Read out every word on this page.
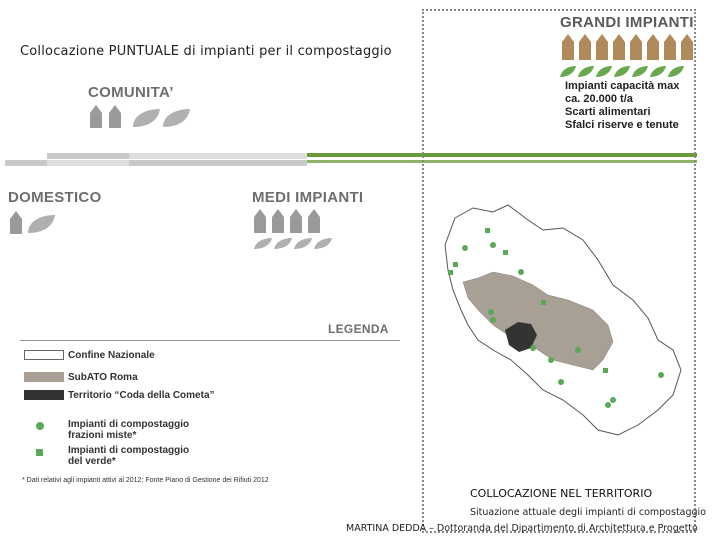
Collocazione PUNTUALE di impianti per il compostaggio
COMUNITA’
DOMESTICO	MEDI IMPIANTI
GRANDI IMPIANTI
Impianti capacità max
ca. 20.000 t/a
Scarti alimentari
Sfalci riserve e tenute
COLLOCAZIONE NEL TERRITORIO
LEGENDA
Confine Nazionale
SubATO Roma
Territorio “Coda della Cometa”
Impianti di compostaggio
frazioni miste*
Impianti di compostaggio
del verde*
* Dati relativi agli impianti attivi al 2012; Fonte Piano di Gestione dei Rifiuti 2012
Situazione attuale degli impianti di compostaggio
MARTINA DEDDA – Dottoranda del Dipartimento di Architettura e Progetto
